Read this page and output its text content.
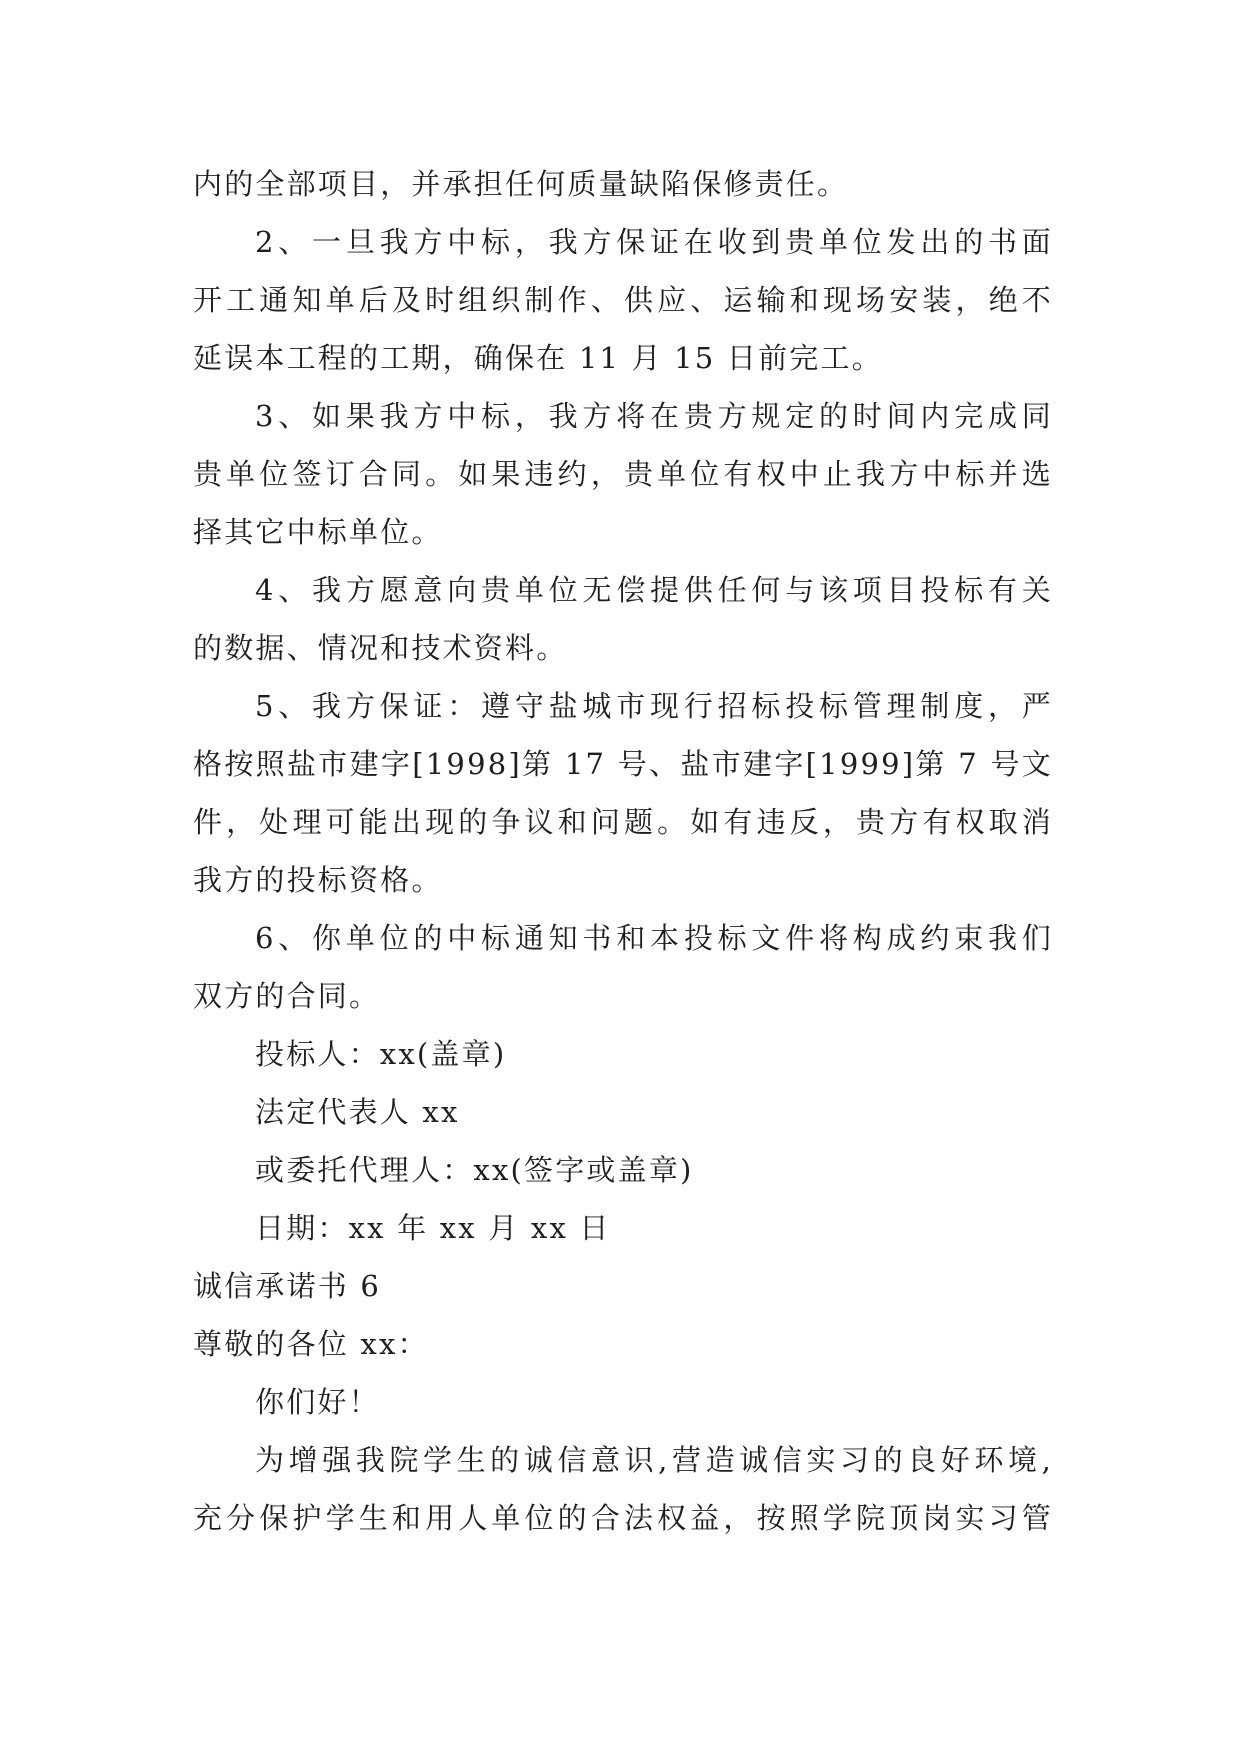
内的全部项目，并承担任何质量缺陷保修责任。
2、一旦我方中标，我方保证在收到贵单位发出的书面
开工通知单后及时组织制作、供应、运输和现场安装，绝不
延误本工程的工期，确保在 11 月 15 日前完工。
3、如果我方中标，我方将在贵方规定的时间内完成同
贵单位签订合同。如果违约，贵单位有权中止我方中标并选
择其它中标单位。
4、我方愿意向贵单位无偿提供任何与该项目投标有关
的数据、情况和技术资料。
5、我方保证：遵守盐城市现行招标投标管理制度，严
格按照盐市建字[1998]第 17 号、盐市建字[1999]第 7 号文
件，处理可能出现的争议和问题。如有违反，贵方有权取消
我方的投标资格。
6、你单位的中标通知书和本投标文件将构成约束我们
双方的合同。
投标人：xx(盖章)
法定代表人 xx
或委托代理人：xx(签字或盖章)
日期：xx 年 xx 月 xx 日
诚信承诺书 6
尊敬的各位 xx：
你们好！
为增强我院学生的诚信意识,营造诚信实习的良好环境,
充分保护学生和用人单位的合法权益，按照学院顶岗实习管
